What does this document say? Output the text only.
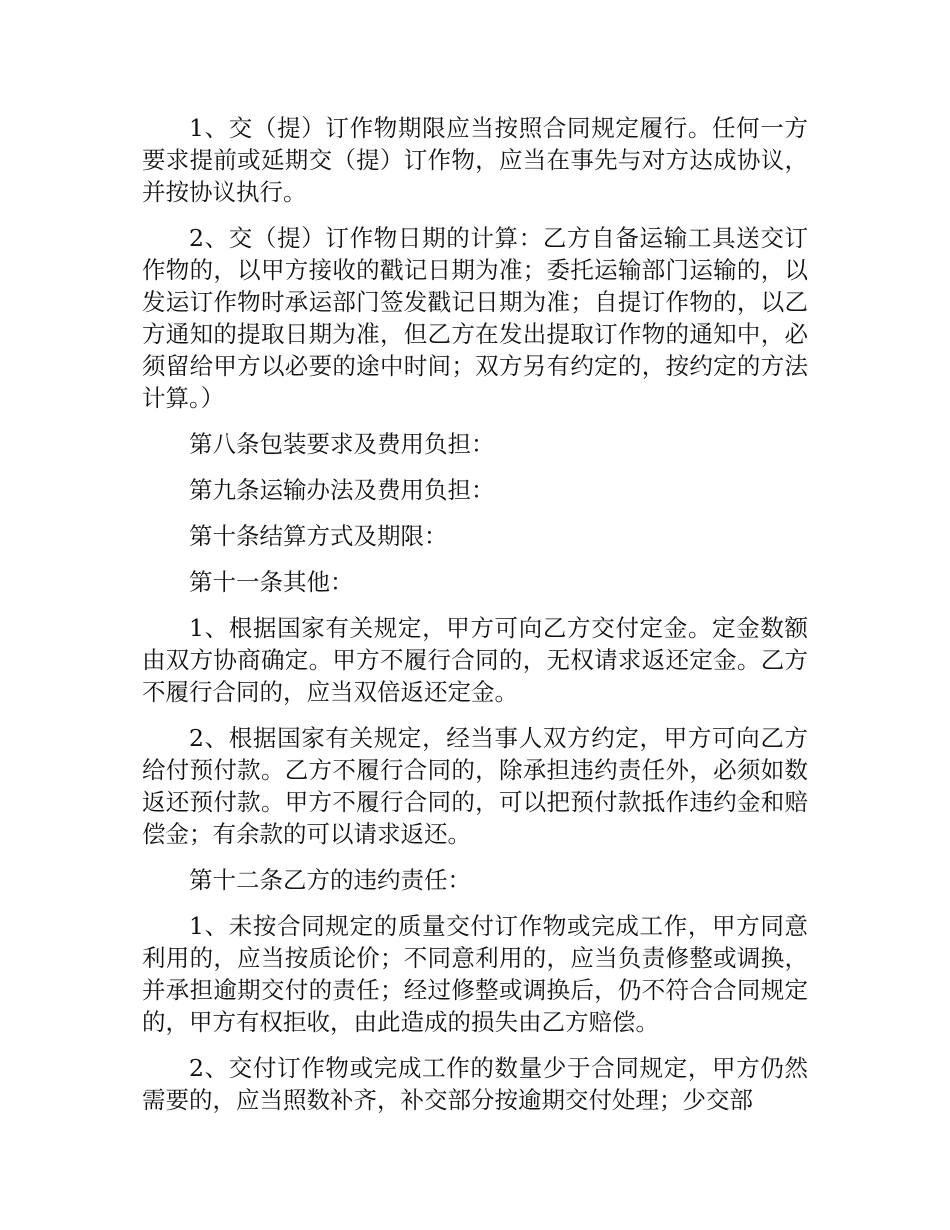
1、交（提）订作物期限应当按照合同规定履行。任何一方要求提前或延期交（提）订作物，应当在事先与对方达成协议，并按协议执行。

2、交（提）订作物日期的计算：乙方自备运输工具送交订作物的，以甲方接收的戳记日期为准；委托运输部门运输的，以发运订作物时承运部门签发戳记日期为准；自提订作物的，以乙方通知的提取日期为准，但乙方在发出提取订作物的通知中，必须留给甲方以必要的途中时间；双方另有约定的，按约定的方法计算。）

第八条包装要求及费用负担：

第九条运输办法及费用负担：

第十条结算方式及期限：

第十一条其他：

1、根据国家有关规定，甲方可向乙方交付定金。定金数额由双方协商确定。甲方不履行合同的，无权请求返还定金。乙方不履行合同的，应当双倍返还定金。

2、根据国家有关规定，经当事人双方约定，甲方可向乙方给付预付款。乙方不履行合同的，除承担违约责任外，必须如数返还预付款。甲方不履行合同的，可以把预付款抵作违约金和赔偿金；有余款的可以请求返还。

第十二条乙方的违约责任：

1、未按合同规定的质量交付订作物或完成工作，甲方同意利用的，应当按质论价；不同意利用的，应当负责修整或调换，并承担逾期交付的责任；经过修整或调换后，仍不符合合同规定的，甲方有权拒收，由此造成的损失由乙方赔偿。

2、交付订作物或完成工作的数量少于合同规定，甲方仍然需要的，应当照数补齐，补交部分按逾期交付处理；少交部
